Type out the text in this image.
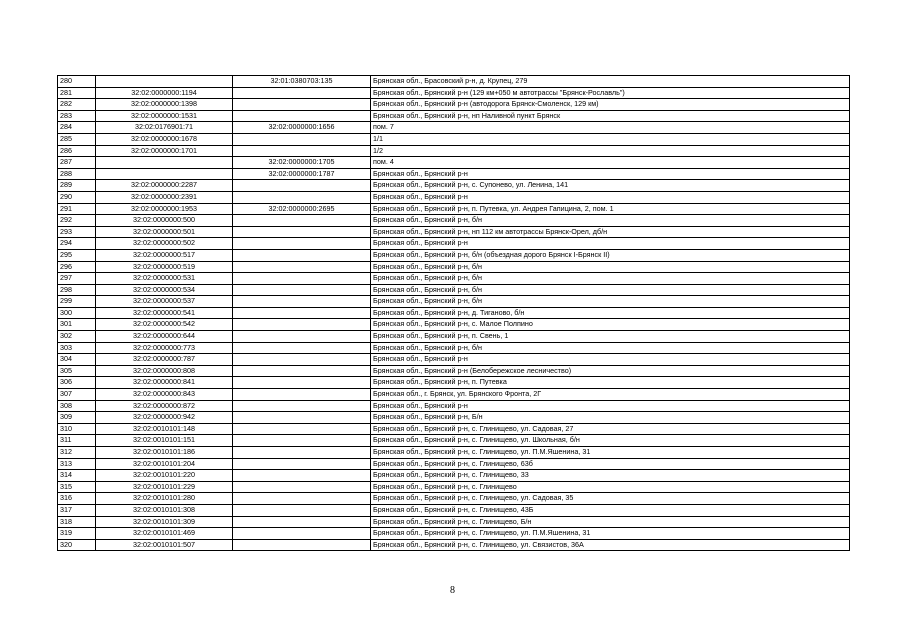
280		32:01:0380703:135	Брянская обл., Брасовский р-н, д. Крупец, 279
281	32:02:0000000:1194		Брянская обл., Брянский р-н (129 км+050 м автотрассы "Брянск-Рославль")
282	32:02:0000000:1398		Брянская обл., Брянский р-н (автодорога Брянск-Смоленск, 129 км)
283	32:02:0000000:1531		Брянская обл., Брянский р-н, нп Наливной пункт Брянск
284	32:02:0176901:71	32:02:0000000:1656	пом. 7
285	32:02:0000000:1678		1/1
286	32:02:0000000:1701		1/2
287		32:02:0000000:1705	пом. 4
288		32:02:0000000:1787	Брянская обл., Брянский р-н
289	32:02:0000000:2287		Брянская обл., Брянский р-н, с. Супонево, ул. Ленина, 141
290	32:02:0000000:2391		Брянская обл., Брянский р-н
291	32:02:0000000:1953	32:02:0000000:2695	Брянская обл., Брянский р-н, п. Путевка, ул. Андрея Гапицина, 2, пом. 1
292	32:02:0000000:500		Брянская обл., Брянский р-н, б/н
293	32:02:0000000:501		Брянская обл., Брянский р-н, нп 112 км автотрассы Брянск-Орел, дб/н
294	32:02:0000000:502		Брянская обл., Брянский р-н
295	32:02:0000000:517		Брянская обл., Брянский р-н, б/н (объездная дорого Брянск I-Брянск II)
296	32:02:0000000:519		Брянская обл., Брянский р-н, б/н
297	32:02:0000000:531		Брянская обл., Брянский р-н, б/н
298	32:02:0000000:534		Брянская обл., Брянский р-н, б/н
299	32:02:0000000:537		Брянская обл., Брянский р-н, б/н
300	32:02:0000000:541		Брянская обл., Брянский р-н, д. Тиганово, б/н
301	32:02:0000000:542		Брянская обл., Брянский р-н, с. Малое Полпино
302	32:02:0000000:644		Брянская обл., Брянский р-н, п. Свень, 1
303	32:02:0000000:773		Брянская обл., Брянский р-н, б/н
304	32:02:0000000:787		Брянская обл., Брянский р-н
305	32:02:0000000:808		Брянская обл., Брянский р-н (Белобережское лесничество)
306	32:02:0000000:841		Брянская обл., Брянский р-н, п. Путевка
307	32:02:0000000:843		Брянская обл., г. Брянск, ул. Брянского Фронта, 2Г
308	32:02:0000000:872		Брянская обл., Брянский р-н
309	32:02:0000000:942		Брянская обл., Брянский р-н, Б/н
310	32:02:0010101:148		Брянская обл., Брянский р-н, с. Глинищево, ул. Садовая, 27
311	32:02:0010101:151		Брянская обл., Брянский р-н, с. Глинищево, ул. Школьная, б/н
312	32:02:0010101:186		Брянская обл., Брянский р-н, с. Глинищево, ул. П.М.Яшенина, 31
313	32:02:0010101:204		Брянская обл., Брянский р-н, с. Глинищево, 63б
314	32:02:0010101:220		Брянская обл., Брянский р-н, с. Глинищево, 33
315	32:02:0010101:229		Брянская обл., Брянский р-н, с. Глинищево
316	32:02:0010101:280		Брянская обл., Брянский р-н, с. Глинищево, ул. Садовая, 35
317	32:02:0010101:308		Брянская обл., Брянский р-н, с. Глинищево, 43Б
318	32:02:0010101:309		Брянская обл., Брянский р-н, с. Глинищево, Б/н
319	32:02:0010101:469		Брянская обл., Брянский р-н, с. Глинищево, ул. П.М.Яшенина, 31
320	32:02:0010101:507		Брянская обл., Брянский р-н, с. Глинищево, ул. Связистов, 36А
8
